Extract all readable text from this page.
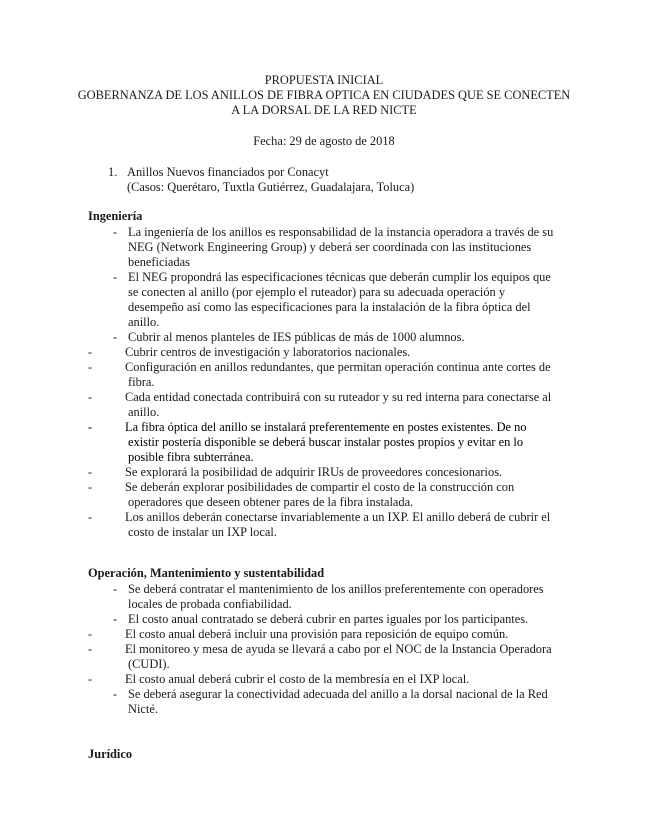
PROPUESTA INICIAL
GOBERNANZA DE LOS ANILLOS DE FIBRA OPTICA EN CIUDADES QUE SE CONECTEN
A LA DORSAL DE LA RED NICTE
Fecha: 29 de agosto de 2018
1. Anillos Nuevos financiados por Conacyt
(Casos: Querétaro, Tuxtla Gutiérrez, Guadalajara, Toluca)
Ingeniería
- La ingeniería de los anillos es responsabilidad de la instancia operadora a través de su NEG (Network Engineering Group) y deberá ser coordinada con las instituciones beneficiadas
- El NEG propondrá las especificaciones técnicas que deberán cumplir los equipos que se conecten al anillo (por ejemplo el ruteador) para su adecuada operación y desempeño así como las especificaciones para la instalación de la fibra óptica del anillo.
- Cubrir al menos planteles de IES públicas de más de 1000 alumnos.
-	Cubrir centros de investigación y laboratorios nacionales.
-	Configuración en anillos redundantes, que permitan operación continua ante cortes de fibra.
-	Cada entidad conectada contribuirá con su ruteador y su red interna para conectarse al anillo.
-	La fibra óptica del anillo se instalará preferentemente en postes existentes. De no existir postería disponible se deberá buscar instalar postes propios y evitar en lo posible fibra subterránea.
-	Se explorará la posibilidad de adquirir IRUs de proveedores concesionarios.
-	Se deberán explorar posibilidades de compartir el costo de la construcción con operadores que deseen obtener pares de la fibra instalada.
-	Los anillos deberán conectarse invariablemente a un IXP. El anillo deberá de cubrir el costo de instalar un IXP local.
Operación, Mantenimiento y sustentabilidad
- Se deberá contratar el mantenimiento de los anillos preferentemente con operadores locales de probada confiabilidad.
- El costo anual contratado se deberá cubrir en partes iguales por los participantes.
-	El costo anual deberá incluir una provisión para reposición de equipo común.
-	El monitoreo y mesa de ayuda se llevará a cabo por el NOC de la Instancia Operadora (CUDI).
-	El costo anual deberá cubrir el costo de la membresía en el IXP local.
- Se deberá asegurar la conectividad adecuada del anillo a la dorsal nacional de la Red Nicté.
Jurídico
